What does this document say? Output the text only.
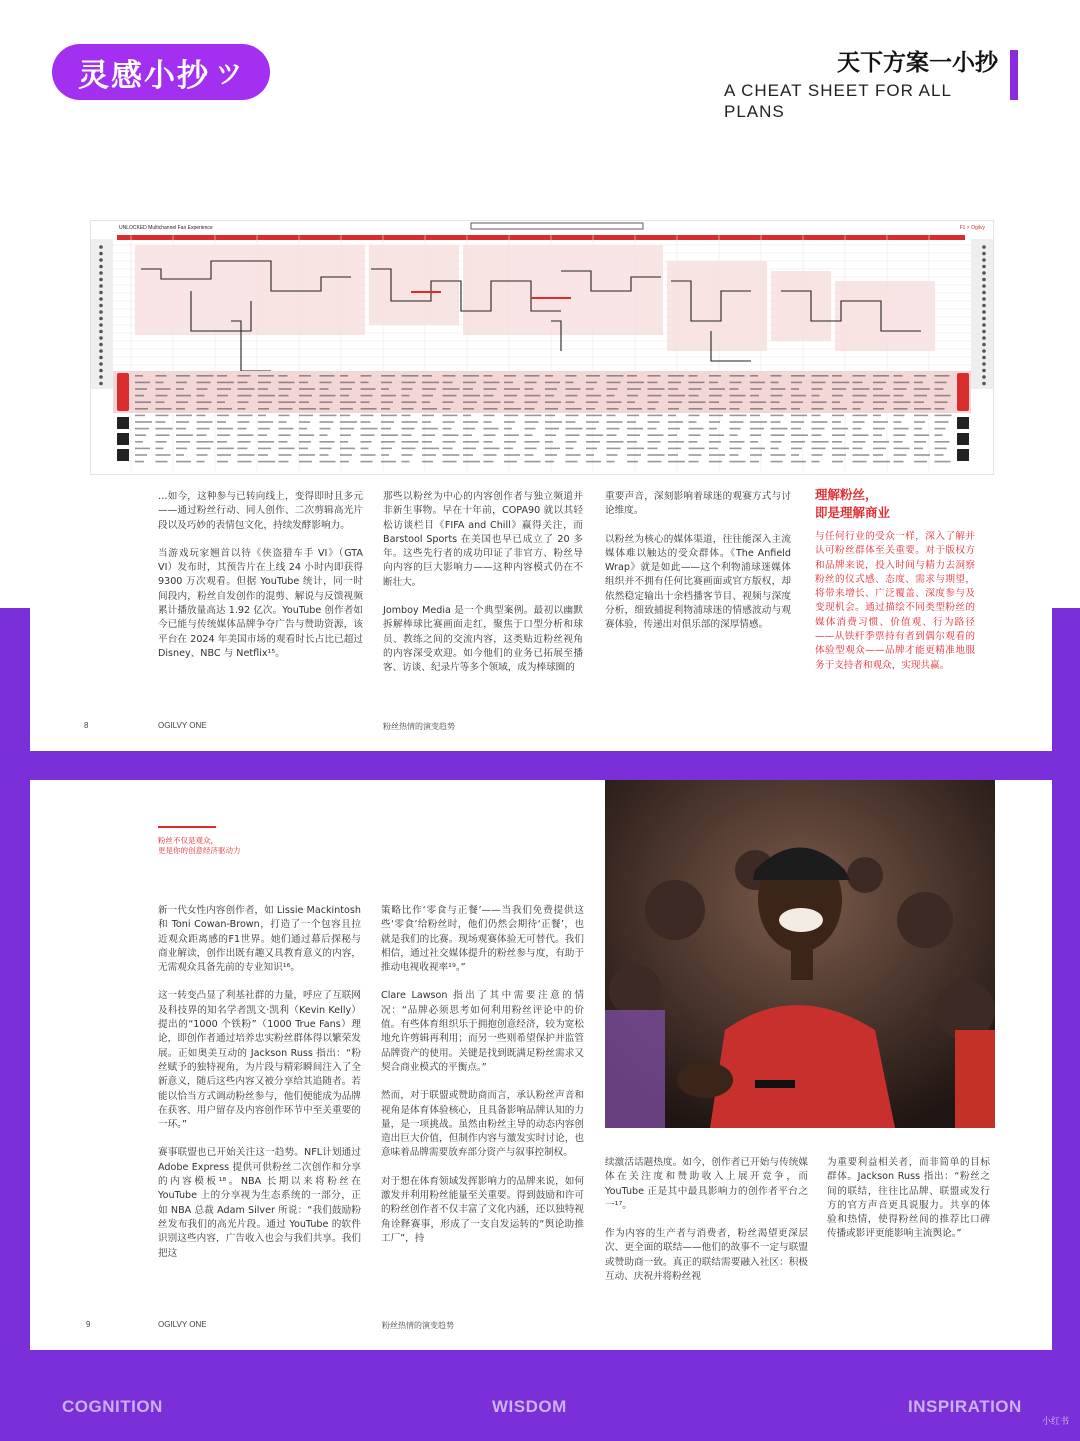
灵感小抄 ツ	天下方案一小抄
A CHEAT SHEET FOR ALL PLANS
UNLOCKED Multichannel Fan Experience	F1 × Ogilvy

…如今，这种参与已转向线上，变得即时且多元——通过粉丝行动、同人创作、二次剪辑高光片段以及巧妙的表情包文化，持续发酵影响力。

当游戏玩家翘首以待《侠盗猎车手 VI》（GTA VI）发布时，其预告片在上线 24 小时内即获得 9300 万次观看。但据 YouTube 统计，同一时间段内，粉丝自发创作的混剪、解说与反馈视频累计播放量高达 1.92 亿次。YouTube 创作者如今已能与传统媒体品牌争夺广告与赞助资源，该平台在 2024 年美国市场的观看时长占比已超过 Disney、NBC 与 Netflix¹⁵。

那些以粉丝为中心的内容创作者与独立频道并非新生事物。早在十年前，COPA90 就以其轻松访谈栏目《FIFA and Chill》赢得关注，而 Barstool Sports 在美国也早已成立了 20 多年。这些先行者的成功印证了非官方、粉丝导向内容的巨大影响力——这种内容模式仍在不断壮大。

Jomboy Media 是一个典型案例。最初以幽默拆解棒球比赛画面走红，聚焦于口型分析和球员、教练之间的交流内容，这类贴近粉丝视角的内容深受欢迎。如今他们的业务已拓展至播客、访谈、纪录片等多个领域，成为棒球圈的

重要声音，深刻影响着球迷的观赛方式与讨论维度。

以粉丝为核心的媒体渠道，往往能深入主流媒体难以触达的受众群体。《The Anfield Wrap》就是如此——这个利物浦球迷媒体组织并不拥有任何比赛画面或官方版权，却依然稳定输出十余档播客节目、视频与深度分析，细致捕捉利物浦球迷的情感波动与观赛体验，传递出对俱乐部的深厚情感。

理解粉丝，
即是理解商业

与任何行业的受众一样，深入了解并认可粉丝群体至关重要。对于版权方和品牌来说，投入时间与精力去洞察粉丝的仪式感、态度、需求与期望，将带来增长、广泛覆盖、深度参与及变现机会。通过描绘不同类型粉丝的媒体消费习惯、价值观、行为路径——从铁杆季票持有者到偶尔观看的体验型观众——品牌才能更精准地服务于支持者和观众，实现共赢。

8	OGILVY ONE	粉丝热情的演变趋势
粉丝不仅是观众，
更是你的创意经济驱动力

新一代女性内容创作者，如 Lissie Mackintosh 和 Toni Cowan-Brown，打造了一个包容且拉近观众距离感的F1世界。她们通过幕后探秘与商业解读，创作出既有趣又具教育意义的内容，无需观众具备先前的专业知识¹⁶。

这一转变凸显了利基社群的力量，呼应了互联网及科技界的知名学者凯文·凯利（Kevin Kelly）提出的“1000 个铁粉”（1000 True Fans）理论，即创作者通过培养忠实粉丝群体得以繁荣发展。正如奥美互动的 Jackson Russ 指出：“粉丝赋予的独特视角，为片段与精彩瞬间注入了全新意义，随后这些内容又被分享给其追随者。若能以恰当方式调动粉丝参与，他们便能成为品牌在获客、用户留存及内容创作环节中至关重要的一环。”

赛事联盟也已开始关注这一趋势。NFL计划通过 Adobe Express 提供可供粉丝二次创作和分享的内容模板¹⁸。NBA 长期以来将粉丝在 YouTube 上的分享视为生态系统的一部分，正如 NBA 总裁 Adam Silver 所说：“我们鼓励粉丝发布我们的高光片段。通过 YouTube 的软件识别这些内容，广告收入也会与我们共享。我们把这

策略比作‘零食与正餐’——当我们免费提供这些‘零食’给粉丝时，他们仍然会期待‘正餐’，也就是我们的比赛。现场观赛体验无可替代。我们相信，通过社交媒体提升的粉丝参与度，有助于推动电视收视率¹⁹。”

Clare Lawson 指出了其中需要注意的情况：“品牌必须思考如何利用粉丝评论中的价值。有些体育组织乐于拥抱创意经济，较为宽松地允许剪辑再利用；而另一些则希望保护并监管品牌资产的使用。关键是找到既满足粉丝需求又契合商业模式的平衡点。”

然而，对于联盟或赞助商而言，承认粉丝声音和视角是体育体验核心，且具备影响品牌认知的力量，是一项挑战。虽然由粉丝主导的动态内容创造出巨大价值，但制作内容与激发实时讨论，也意味着品牌需要放弃部分资产与叙事控制权。

对于想在体育领域发挥影响力的品牌来说，如何激发并利用粉丝能量至关重要。得到鼓励和许可的粉丝创作者不仅丰富了文化内涵，还以独特视角诠释赛事，形成了一支自发运转的“舆论助推工厂”，持

续激活话题热度。如今，创作者已开始与传统媒体在关注度和赞助收入上展开竞争，而 YouTube 正是其中最具影响力的创作者平台之一¹⁷。

作为内容的生产者与消费者，粉丝渴望更深层次、更全面的联结——他们的故事不一定与联盟或赞助商一致。真正的联结需要融入社区：积极互动、庆祝并将粉丝视

为重要利益相关者，而非简单的目标群体。Jackson Russ 指出：“粉丝之间的联结，往往比品牌、联盟或发行方的官方声音更具说服力。共享的体验和热情，使得粉丝间的推荐比口碑传播或影评更能影响主流舆论。”

9	OGILVY ONE	粉丝热情的演变趋势
COGNITION	WISDOM	INSPIRATION
小红书
